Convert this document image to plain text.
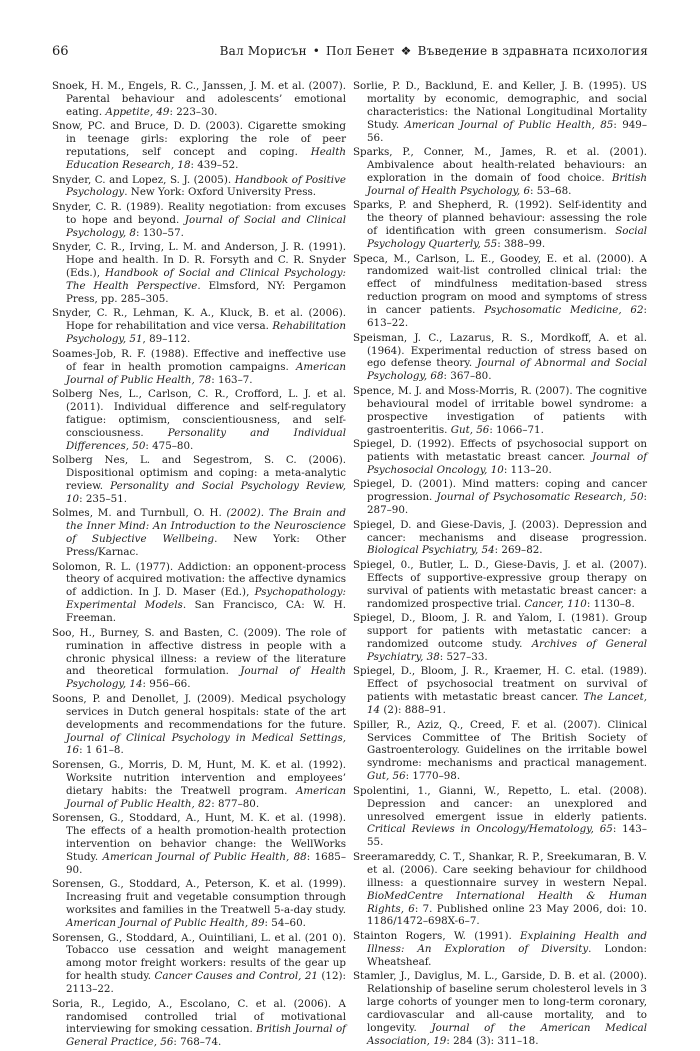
66	Вал Морисън • Пол Бенет ❖ Въведение в здравната психология

Snoek, H. M., Engels, R. C., Janssen, J. M. et al. (2007). Parental behaviour and adolescents’ emotional eating. Appetite, 49: 223–30.

Snow, PC. and Bruce, D. D. (2003). Cigarette smoking in teenage girls: exploring the role of peer reputations, self concept and coping. Health Education Research, 18: 439–52.

Snyder, C. and Lopez, S. J. (2005). Handbook of Positive Psychology. New York: Oxford University Press.

Snyder, C. R. (1989). Reality negotiation: from excuses to hope and beyond. Journal of Social and Clinical Psychology, 8: 130–57.

Snyder, C. R., Irving, L. M. and Anderson, J. R. (1991). Hope and health. In D. R. Forsyth and C. R. Snyder (Eds.), Handbook of Social and Clinical Psychology: The Health Perspective. Elmsford, NY: Pergamon Press, pp. 285–305.

Snyder, C. R., Lehman, K. A., Kluck, B. et al. (2006). Hope for rehabilitation and vice versa. Rehabilitation Psychology, 51, 89–112.

Soames-Job, R. F. (1988). Effective and ineffective use of fear in health promotion campaigns. American Journal of Public Health, 78: 163–7.

Solberg Nes, L., Carlson, C. R., Crofford, L. J. et al. (2011). Individual difference and self-regulatory fatigue: optimism, conscientiousness, and self-consciousness. Personality and Individual Differences, 50: 475–80.

Solberg Nes, L. and Segestrom, S. C. (2006). Dispositional optimism and coping: a meta-analytic review. Personality and Social Psychology Review, 10: 235–51.

Solmes, M. and Turnbull, O. H. (2002). The Brain and the Inner Mind: An Introduction to the Neuroscience of Subjective Wellbeing. New York: Other Press/Karnac.

Solomon, R. L. (1977). Addiction: an opponent-process theory of acquired motivation: the affective dynamics of addiction. In J. D. Maser (Ed.), Psychopathology: Experimental Models. San Francisco, CA: W. H. Freeman.

Soo, H., Burney, S. and Basten, C. (2009). The role of rumination in affective distress in people with a chronic physical illness: a review of the literature and theoretical formulation. Journal of Health Psychology, 14: 956–66.

Soons, P. and Denollet, J. (2009). Medical psychology services in Dutch general hospitals: state of the art developments and recommendations for the future. Journal of Clinical Psychology in Medical Settings, 16: 1 61–8.

Sorensen, G., Morris, D. M, Hunt, M. K. et al. (1992). Worksite nutrition intervention and employees’ dietary habits: the Treatwell program. American Journal of Public Health, 82: 877–80.

Sorensen, G., Stoddard, A., Hunt, M. K. et al. (1998). The effects of a health promotion-health protection intervention on behavior change: the WellWorks Study. American Journal of Public Health, 88: 1685–90.

Sorensen, G., Stoddard, A., Peterson, K. et al. (1999). Increasing fruit and vegetable consumption through worksites and families in the Treatwell 5-a-day study. American Journal of Public Health, 89: 54–60.

Sorensen, G., Stoddard, A., Ouintiliani, L. et al. (201 0). Tobacco use cessation and weight management among motor freight workers: results of the gear up for health study. Cancer Causes and Control, 21 (12): 2113–22.

Soria, R., Legido, A., Escolano, C. et al. (2006). A randomised controlled trial of motivational interviewing for smoking cessation. British Journal of General Practice, 56: 768–74.

Sorlie, P. D., Backlund, E. and Keller, J. B. (1995). US mortality by economic, demographic, and social characteristics: the National Longitudinal Mortality Study. American Journal of Public Health, 85: 949–56.

Sparks, P., Conner, M., James, R. et al. (2001). Ambivalence about health-related behaviours: an exploration in the domain of food choice. British Journal of Health Psychology, 6: 53–68.

Sparks, P. and Shepherd, R. (1992). Self-identity and the theory of planned behaviour: assessing the role of identification with green consumerism. Social Psychology Quarterly, 55: 388–99.

Speca, M., Carlson, L. E., Goodey, E. et al. (2000). A randomized wait-list controlled clinical trial: the effect of mindfulness meditation-based stress reduction program on mood and symptoms of stress in cancer patients. Psychosomatic Medicine, 62: 613–22.

Speisman, J. C., Lazarus, R. S., Mordkoff, A. et al. (1964). Experimental reduction of stress based on ego defense theory. Journal of Abnormal and Social Psychology, 68: 367–80.

Spence, M. J. and Moss-Morris, R. (2007). The cognitive behavioural model of irritable bowel syndrome: a prospective investigation of patients with gastroenteritis. Gut, 56: 1066–71.

Spiegel, D. (1992). Effects of psychosocial support on patients with metastatic breast cancer. Journal of Psychosocial Oncology, 10: 113–20.

Spiegel, D. (2001). Mind matters: coping and cancer progression. Journal of Psychosomatic Research, 50: 287–90.

Spiegel, D. and Giese-Davis, J. (2003). Depression and cancer: mechanisms and disease progression. Biological Psychiatry, 54: 269–82.

Spiegel, 0., Butler, L. D., Giese-Davis, J. et al. (2007). Effects of supportive-expressive group therapy on survival of patients with metastatic breast cancer: a randomized prospective trial. Cancer, 110: 1130–8.

Spiegel, D., Bloom, J. R. and Yalom, I. (1981). Group support for patients with metastatic cancer: a randomized outcome study. Archives of General Psychiatry, 38: 527–33.

Spiegel, D., Bloom, J. R., Kraemer, H. C. etal. (1989). Effect of psychosocial treatment on survival of patients with metastatic breast cancer. The Lancet, 14 (2): 888–91.

Spiller, R., Aziz, Q., Creed, F. et al. (2007). Clinical Services Committee of The British Society of Gastroenterology. Guidelines on the irritable bowel syndrome: mechanisms and practical management. Gut, 56: 1770–98.

Spolentini, 1., Gianni, W., Repetto, L. etal. (2008). Depression and cancer: an unexplored and unresolved emergent issue in elderly patients. Critical Reviews in Oncology/Hematology, 65: 143–55.

Sreeramareddy, C. T., Shankar, R. P., Sreekumaran, B. V. et al. (2006). Care seeking behaviour for childhood illness: a questionnaire survey in western Nepal. BioMedCentre International Health & Human Rights, 6: 7. Published online 23 May 2006, doi: 10. 1186/1472–698X-6–7.

Stainton Rogers, W. (1991). Explaining Health and Illness: An Exploration of Diversity. London: Wheatsheaf.

Stamler, J., Daviglus, M. L., Garside, D. B. et al. (2000). Relationship of baseline serum cholesterol levels in 3 large cohorts of younger men to long-term coronary, cardiovascular and all-cause mortality, and to longevity. Journal of the American Medical Association, 19: 284 (3): 311–18.
